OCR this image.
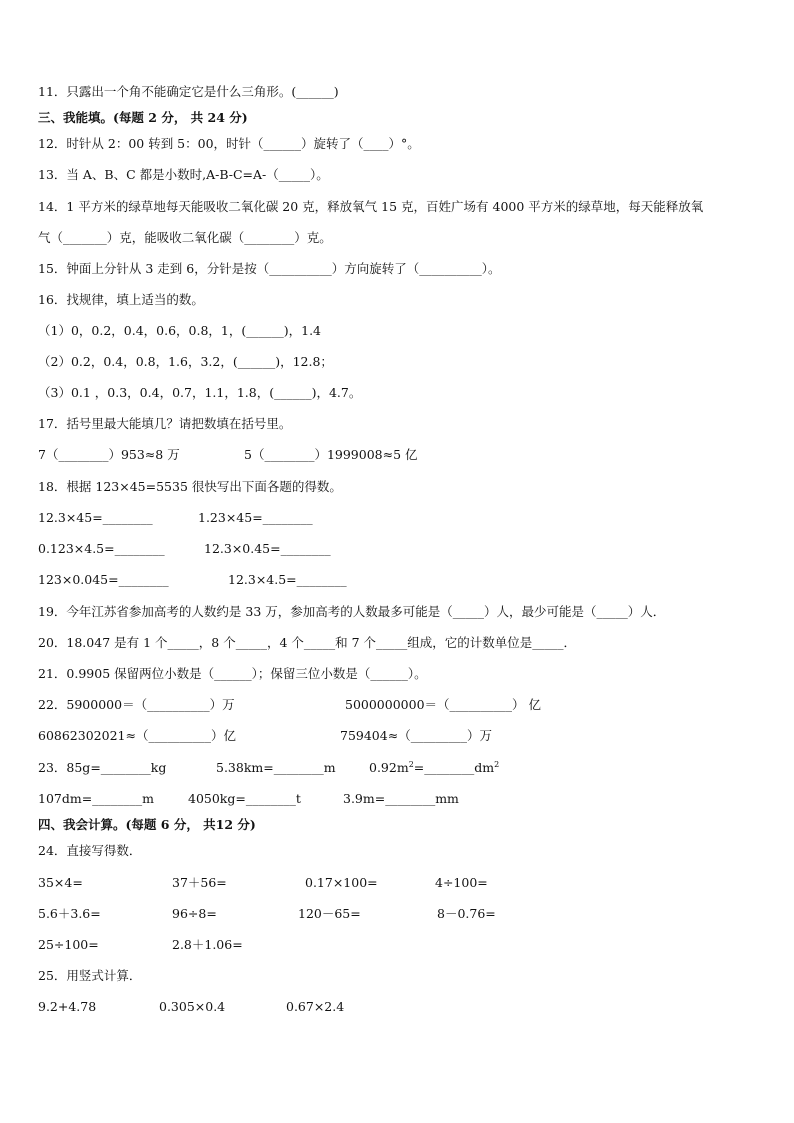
11．只露出一个角不能确定它是什么三角形。(______)
三、我能填。(每题 2 分， 共 24 分)
12．时针从 2：00 转到 5：00，时针（______）旋转了（____）°。
13．当 A、B、C 都是小数时,A-B-C=A-（_____）。
14．1 平方米的绿草地每天能吸收二氧化碳 20 克，释放氧气 15 克，百姓广场有 4000 平方米的绿草地，每天能释放氧
气（_______）克，能吸收二氧化碳（________）克。
15．钟面上分针从 3 走到 6，分针是按（__________）方向旋转了（__________）。
16．找规律，填上适当的数。
（1）0，0.2，0.4，0.6，0.8，1，(______)，1.4
（2）0.2，0.4，0.8，1.6，3.2，(______)，12.8；
（3）0.1 ，0.3，0.4，0.7，1.1，1.8，(______)，4.7。
17．括号里最大能填几？请把数填在括号里。
7（________）953≈8 万	5（________）1999008≈5 亿
18．根据 123×45=5535 很快写出下面各题的得数。
12.3×45=________	1.23×45=________
0.123×4.5=________	12.3×0.45=________
123×0.045=________	12.3×4.5=________
19．今年江苏省参加高考的人数约是 33 万，参加高考的人数最多可能是（_____）人，最少可能是（_____）人．
20．18.047 是有 1 个_____，8 个_____，4 个_____和 7 个_____组成，它的计数单位是_____．
21．0.9905 保留两位小数是（______）；保留三位小数是（______）。
22．5900000＝（__________）万	5000000000＝（__________） 亿
60862302021≈（__________）亿	759404≈（_________）万
23．85g=________kg	5.38km=________m	$0.92m^2=\_\_\_\_\_\_\_\_dm^2$
107dm=________m	4050kg=________t	3.9m=________mm
四、我会计算。(每题 6 分， 共12 分)
24．直接写得数．
35×4=	37＋56=	0.17×100=	4÷100=
5.6＋3.6=	96÷8=	120－65=	8－0.76=
25÷100=	2.8＋1.06=
25．用竖式计算．
9.2+4.78	0.305×0.4	0.67×2.4
